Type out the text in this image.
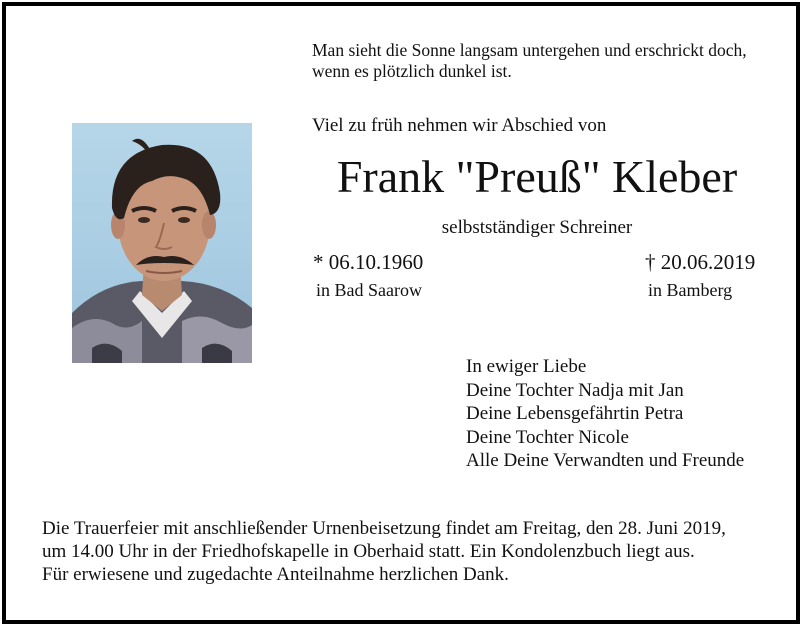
Man sieht die Sonne langsam untergehen und erschrickt doch,
wenn es plötzlich dunkel ist.
Viel zu früh nehmen wir Abschied von
Frank "Preuß" Kleber
selbstständiger Schreiner
* 06.10.1960	† 20.06.2019
in Bad Saarow	in Bamberg
In ewiger Liebe
Deine Tochter Nadja mit Jan
Deine Lebensgefährtin Petra
Deine Tochter Nicole
Alle Deine Verwandten und Freunde
Die Trauerfeier mit anschließender Urnenbeisetzung findet am Freitag, den 28. Juni 2019,
um 14.00 Uhr in der Friedhofskapelle in Oberhaid statt. Ein Kondolenzbuch liegt aus.
Für erwiesene und zugedachte Anteilnahme herzlichen Dank.
